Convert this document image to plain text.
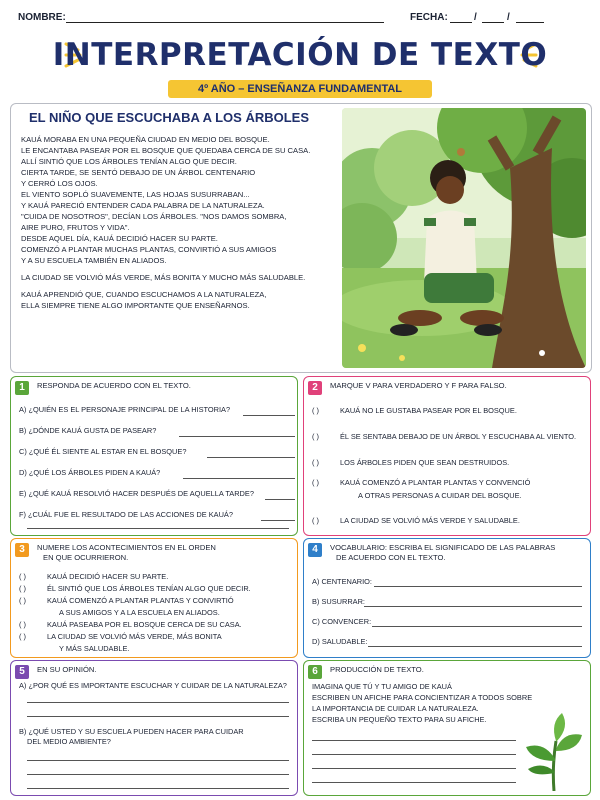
NOMBRE:	FECHA:	/	/
INTERPRETACIÓN DE TEXTO
4º AÑO – ENSEÑANZA FUNDAMENTAL
EL NIÑO QUE ESCUCHABA A LOS ÁRBOLES

KAUÁ MORABA EN UNA PEQUEÑA CIUDAD EN MEDIO DEL BOSQUE.

LE ENCANTABA PASEAR POR EL BOSQUE QUE QUEDABA CERCA DE SU CASA.

ALLÍ SINTIÓ QUE LOS ÁRBOLES TENÍAN ALGO QUE DECIR.

CIERTA TARDE, SE SENTÓ DEBAJO DE UN ÁRBOL CENTENARIO

Y CERRÓ LOS OJOS.

EL VIENTO SOPLÓ SUAVEMENTE, LAS HOJAS SUSURRABAN...

Y KAUÁ PARECIÓ ENTENDER CADA PALABRA DE LA NATURALEZA.

"CUIDA DE NOSOTROS", DECÍAN LOS ÁRBOLES. "NOS DAMOS SOMBRA,

AIRE PURO, FRUTOS Y VIDA".

DESDE AQUEL DÍA, KAUÁ DECIDIÓ HACER SU PARTE.

COMENZÓ A PLANTAR MUCHAS PLANTAS, CONVIRTIÓ A SUS AMIGOS

Y A SU ESCUELA TAMBIÉN EN ALIADOS.

LA CIUDAD SE VOLVIÓ MÁS VERDE, MÁS BONITA Y MUCHO MÁS SALUDABLE.

KAUÁ APRENDIÓ QUE, CUANDO ESCUCHAMOS A LA NATURALEZA,

ELLA SIEMPRE TIENE ALGO IMPORTANTE QUE ENSEÑARNOS.

1	RESPONDA DE ACUERDO CON EL TEXTO.
A) ¿QUIÉN ES EL PERSONAJE PRINCIPAL DE LA HISTORIA?
B) ¿DÓNDE KAUÁ GUSTA DE PASEAR?
C) ¿QUÉ ÉL SIENTE AL ESTAR EN EL BOSQUE?
D) ¿QUÉ LOS ÁRBOLES PIDEN A KAUÁ?
E) ¿QUÉ KAUÁ RESOLVIÓ HACER DESPUÉS DE AQUELLA TARDE?
F) ¿CUÁL FUE EL RESULTADO DE LAS ACCIONES DE KAUÁ?
2	MARQUE V PARA VERDADERO Y F PARA FALSO.
( )	KAUÁ NO LE GUSTABA PASEAR POR EL BOSQUE.
( )	ÉL SE SENTABA DEBAJO DE UN ÁRBOL Y ESCUCHABA AL VIENTO.
( )	LOS ÁRBOLES PIDEN QUE SEAN DESTRUIDOS.
( )	KAUÁ COMENZÓ A PLANTAR PLANTAS Y CONVENCIÓ
A OTRAS PERSONAS A CUIDAR DEL BOSQUE.
( )	LA CIUDAD SE VOLVIÓ MÁS VERDE Y SALUDABLE.
3	NUMERE LOS ACONTECIMIENTOS EN EL ORDEN
EN QUE OCURRIERON.
( )	KAUÁ DECIDIÓ HACER SU PARTE.
( )	ÉL SINTIÓ QUE LOS ÁRBOLES TENÍAN ALGO QUE DECIR.
( )	KAUÁ COMENZÓ A PLANTAR PLANTAS Y CONVIRTIÓ
A SUS AMIGOS Y A LA ESCUELA EN ALIADOS.
( )	KAUÁ PASEABA POR EL BOSQUE CERCA DE SU CASA.
( )	LA CIUDAD SE VOLVIÓ MÁS VERDE, MÁS BONITA
Y MÁS SALUDABLE.
4	VOCABULARIO: ESCRIBA EL SIGNIFICADO DE LAS PALABRAS
DE ACUERDO CON EL TEXTO.
A) CENTENARIO:
B) SUSURRAR:
C) CONVENCER:
D) SALUDABLE:
5	EN SU OPINIÓN.
A) ¿POR QUÉ ES IMPORTANTE ESCUCHAR Y CUIDAR DE LA NATURALEZA?
B) ¿QUÉ USTED Y SU ESCUELA PUEDEN HACER PARA CUIDAR
DEL MEDIO AMBIENTE?
6	PRODUCCIÓN DE TEXTO.
IMAGINA QUE TÚ Y TU AMIGO DE KAUÁ
ESCRIBEN UN AFICHE PARA CONCIENTIZAR A TODOS SOBRE
LA IMPORTANCIA DE CUIDAR LA NATURALEZA.
ESCRIBA UN PEQUEÑO TEXTO PARA SU AFICHE.
